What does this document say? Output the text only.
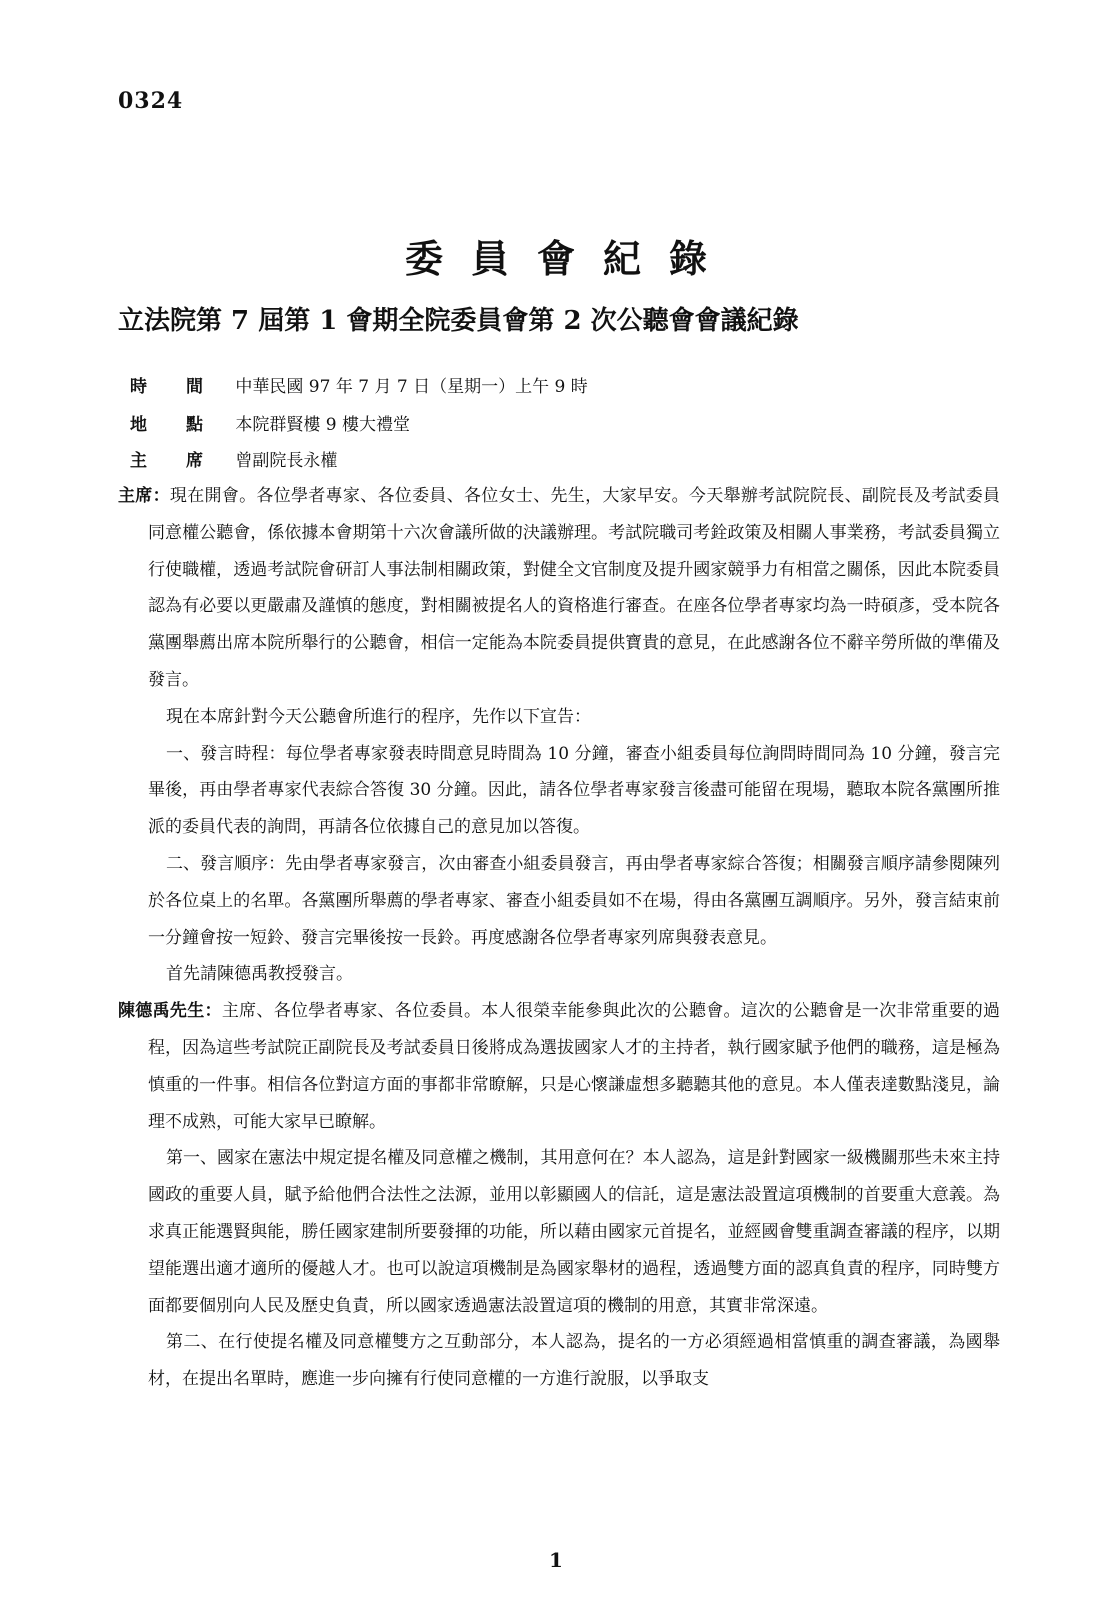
0324
委員會紀錄
立法院第 7 屆第 1 會期全院委員會第 2 次公聽會會議紀錄
時 間 中華民國 97 年 7 月 7 日（星期一）上午 9 時
地 點 本院群賢樓 9 樓大禮堂
主 席 曾副院長永權

主席：現在開會。各位學者專家、各位委員、各位女士、先生，大家早安。今天舉辦考試院院長、副院長及考試委員同意權公聽會，係依據本會期第十六次會議所做的決議辦理。考試院職司考銓政策及相關人事業務，考試委員獨立行使職權，透過考試院會研訂人事法制相關政策，對健全文官制度及提升國家競爭力有相當之關係，因此本院委員認為有必要以更嚴肅及謹慎的態度，對相關被提名人的資格進行審查。在座各位學者專家均為一時碩彥，受本院各黨團舉薦出席本院所舉行的公聽會，相信一定能為本院委員提供寶貴的意見，在此感謝各位不辭辛勞所做的準備及發言。

現在本席針對今天公聽會所進行的程序，先作以下宣告：

一、發言時程：每位學者專家發表時間意見時間為 10 分鐘，審查小組委員每位詢問時間同為 10 分鐘，發言完畢後，再由學者專家代表綜合答復 30 分鐘。因此，請各位學者專家發言後盡可能留在現場，聽取本院各黨團所推派的委員代表的詢問，再請各位依據自己的意見加以答復。

二、發言順序：先由學者專家發言，次由審查小組委員發言，再由學者專家綜合答復；相關發言順序請參閱陳列於各位桌上的名單。各黨團所舉薦的學者專家、審查小組委員如不在場，得由各黨團互調順序。另外，發言結束前一分鐘會按一短鈴、發言完畢後按一長鈴。再度感謝各位學者專家列席與發表意見。

首先請陳德禹教授發言。

陳德禹先生：主席、各位學者專家、各位委員。本人很榮幸能參與此次的公聽會。這次的公聽會是一次非常重要的過程，因為這些考試院正副院長及考試委員日後將成為選拔國家人才的主持者，執行國家賦予他們的職務，這是極為慎重的一件事。相信各位對這方面的事都非常瞭解，只是心懷謙虛想多聽聽其他的意見。本人僅表達數點淺見，論理不成熟，可能大家早已瞭解。

第一、國家在憲法中規定提名權及同意權之機制，其用意何在？本人認為，這是針對國家一級機關那些未來主持國政的重要人員，賦予給他們合法性之法源，並用以彰顯國人的信託，這是憲法設置這項機制的首要重大意義。為求真正能選賢與能，勝任國家建制所要發揮的功能，所以藉由國家元首提名，並經國會雙重調查審議的程序，以期望能選出適才適所的優越人才。也可以說這項機制是為國家舉材的過程，透過雙方面的認真負責的程序，同時雙方面都要個別向人民及歷史負責，所以國家透過憲法設置這項的機制的用意，其實非常深遠。

第二、在行使提名權及同意權雙方之互動部分，本人認為，提名的一方必須經過相當慎重的調查審議，為國舉材，在提出名單時，應進一步向擁有行使同意權的一方進行說服，以爭取支

1
